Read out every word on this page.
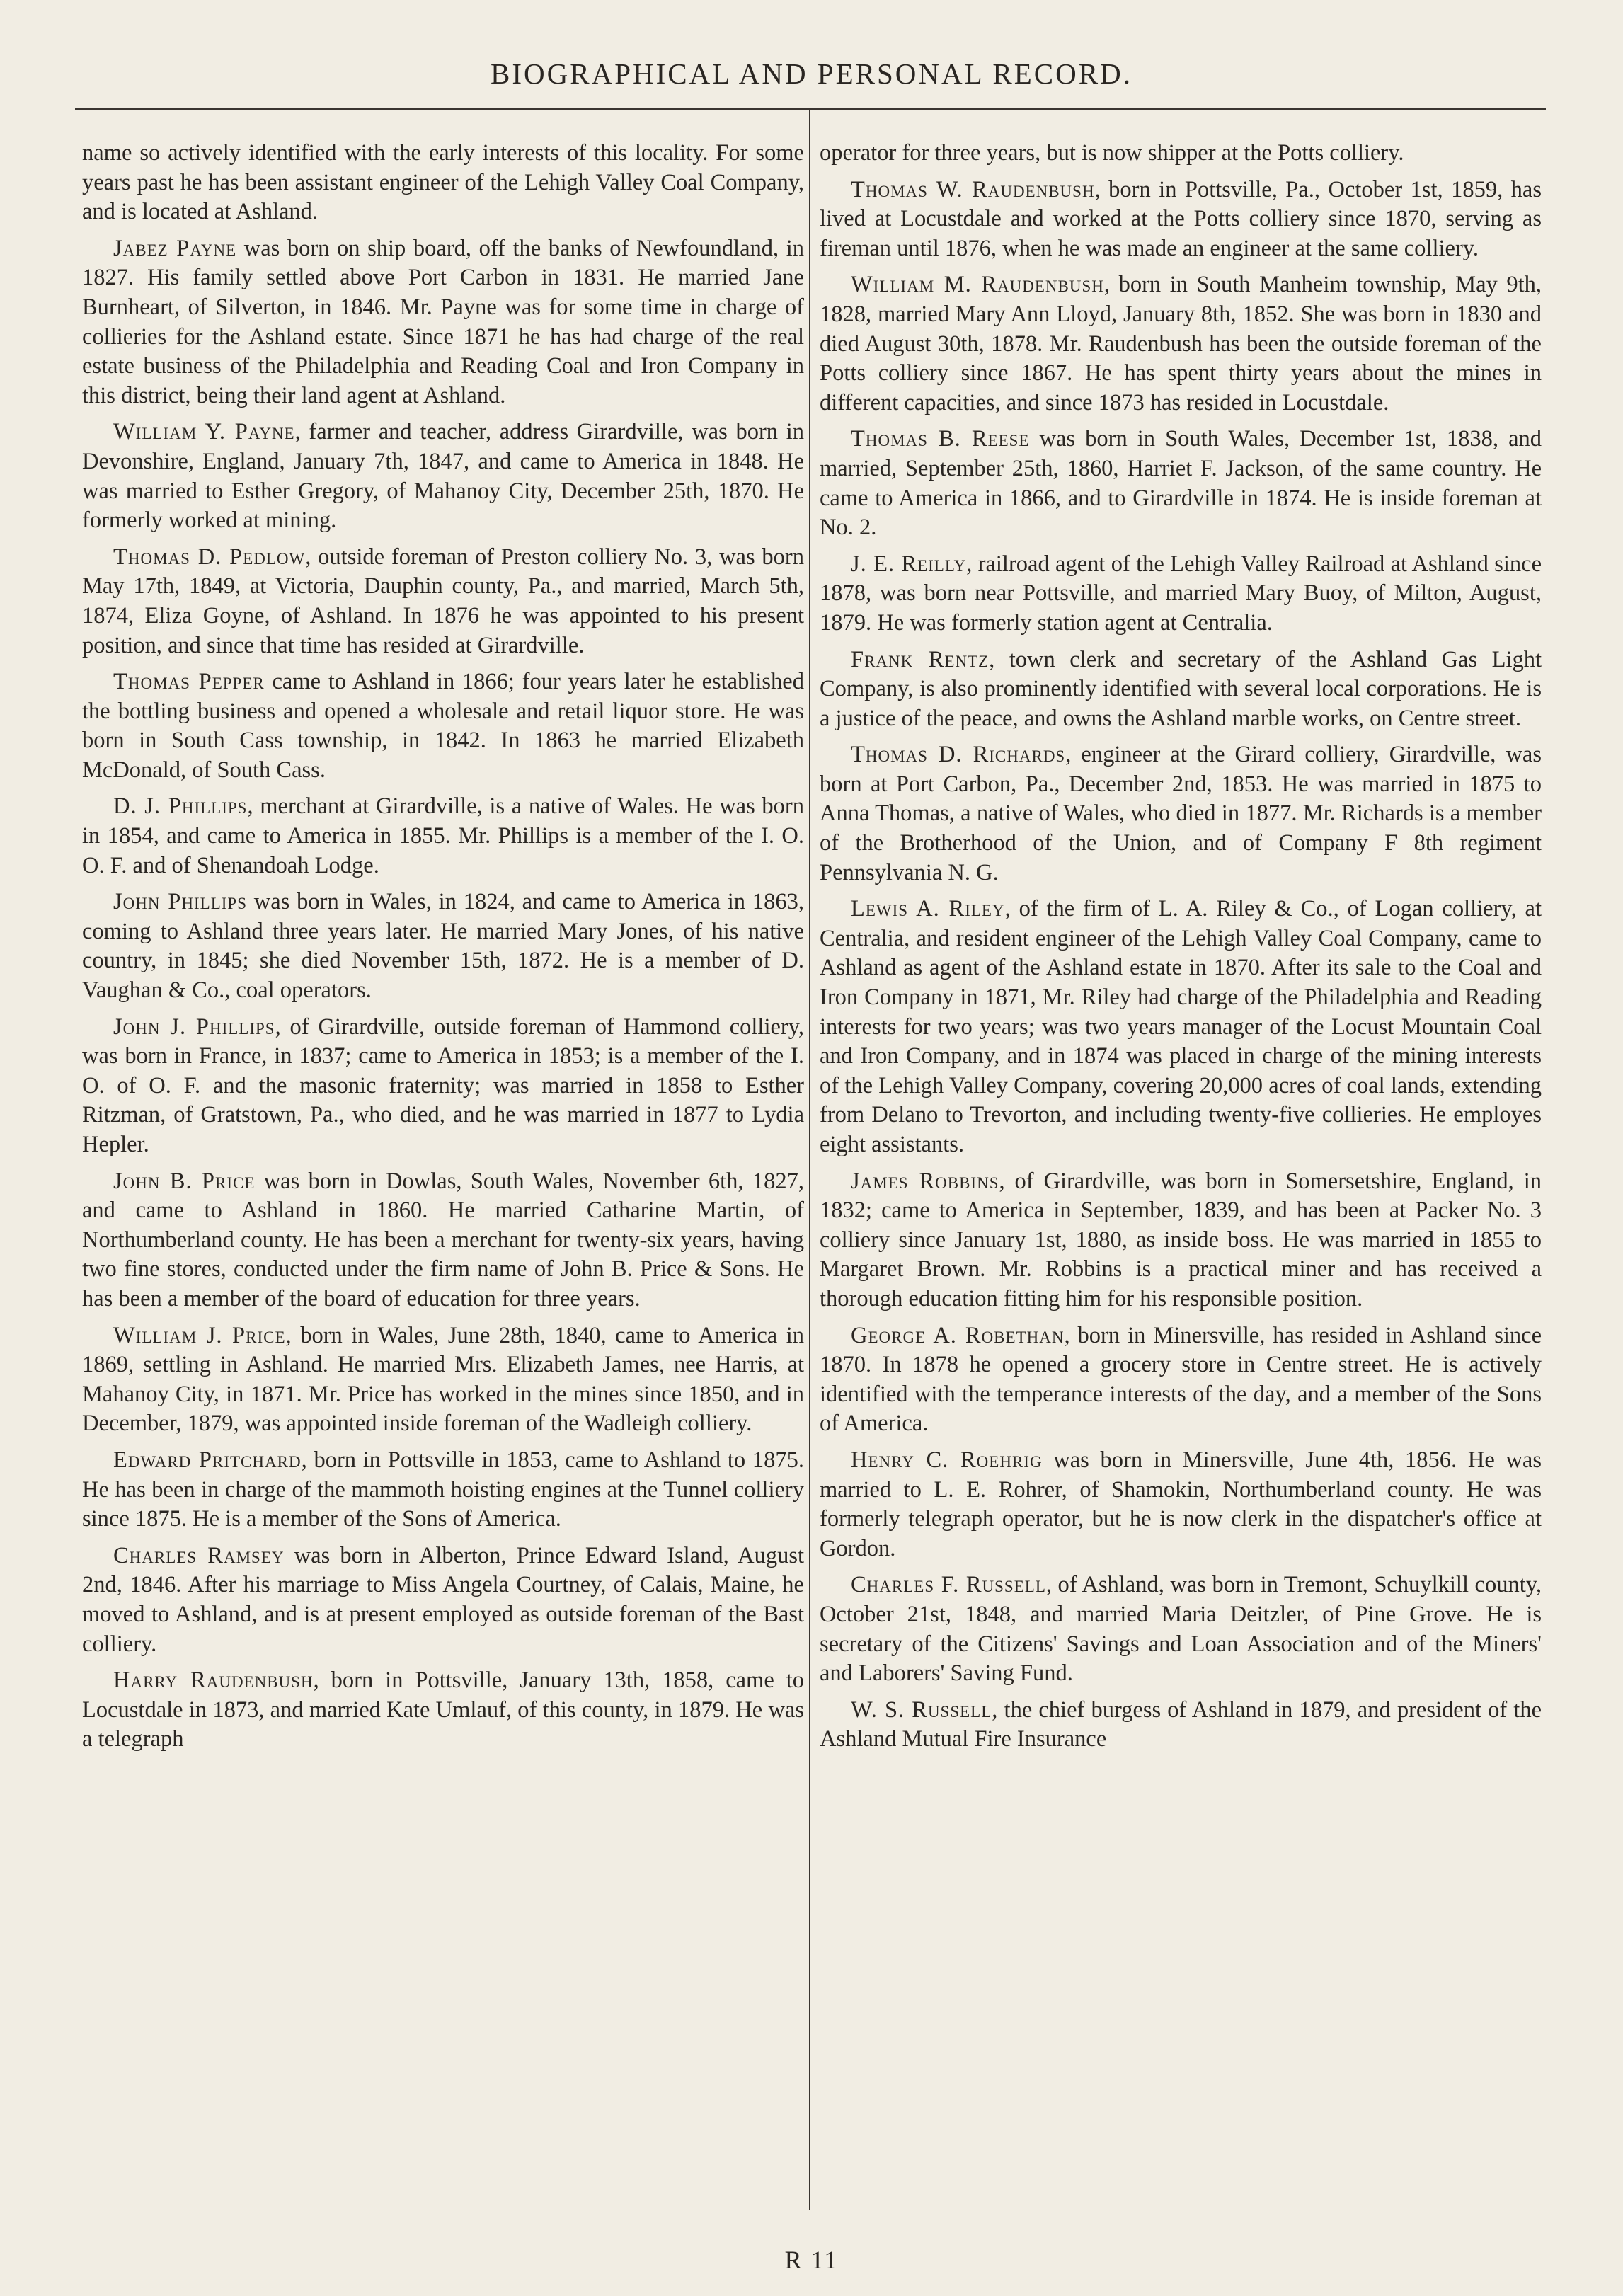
BIOGRAPHICAL AND PERSONAL RECORD.

name so actively identified with the early interests of this locality. For some years past he has been assistant engineer of the Lehigh Valley Coal Company, and is located at Ashland.

Jabez Payne was born on ship board, off the banks of Newfoundland, in 1827. His family settled above Port Carbon in 1831. He married Jane Burnheart, of Silverton, in 1846. Mr. Payne was for some time in charge of collieries for the Ashland estate. Since 1871 he has had charge of the real estate business of the Philadelphia and Reading Coal and Iron Company in this district, being their land agent at Ashland.

William Y. Payne, farmer and teacher, address Girardville, was born in Devonshire, England, January 7th, 1847, and came to America in 1848. He was married to Esther Gregory, of Mahanoy City, December 25th, 1870. He formerly worked at mining.

Thomas D. Pedlow, outside foreman of Preston colliery No. 3, was born May 17th, 1849, at Victoria, Dauphin county, Pa., and married, March 5th, 1874, Eliza Goyne, of Ashland. In 1876 he was appointed to his present position, and since that time has resided at Girardville.

Thomas Pepper came to Ashland in 1866; four years later he established the bottling business and opened a wholesale and retail liquor store. He was born in South Cass township, in 1842. In 1863 he married Elizabeth McDonald, of South Cass.

D. J. Phillips, merchant at Girardville, is a native of Wales. He was born in 1854, and came to America in 1855. Mr. Phillips is a member of the I. O. O. F. and of Shenandoah Lodge.

John Phillips was born in Wales, in 1824, and came to America in 1863, coming to Ashland three years later. He married Mary Jones, of his native country, in 1845; she died November 15th, 1872. He is a member of D. Vaughan & Co., coal operators.

John J. Phillips, of Girardville, outside foreman of Hammond colliery, was born in France, in 1837; came to America in 1853; is a member of the I. O. of O. F. and the masonic fraternity; was married in 1858 to Esther Ritzman, of Gratstown, Pa., who died, and he was married in 1877 to Lydia Hepler.

John B. Price was born in Dowlas, South Wales, November 6th, 1827, and came to Ashland in 1860. He married Catharine Martin, of Northumberland county. He has been a merchant for twenty-six years, having two fine stores, conducted under the firm name of John B. Price & Sons. He has been a member of the board of education for three years.

William J. Price, born in Wales, June 28th, 1840, came to America in 1869, settling in Ashland. He married Mrs. Elizabeth James, nee Harris, at Mahanoy City, in 1871. Mr. Price has worked in the mines since 1850, and in December, 1879, was appointed inside foreman of the Wadleigh colliery.

Edward Pritchard, born in Pottsville in 1853, came to Ashland to 1875. He has been in charge of the mammoth hoisting engines at the Tunnel colliery since 1875. He is a member of the Sons of America.

Charles Ramsey was born in Alberton, Prince Edward Island, August 2nd, 1846. After his marriage to Miss Angela Courtney, of Calais, Maine, he moved to Ashland, and is at present employed as outside foreman of the Bast colliery.

Harry Raudenbush, born in Pottsville, January 13th, 1858, came to Locustdale in 1873, and married Kate Umlauf, of this county, in 1879. He was a telegraph

operator for three years, but is now shipper at the Potts colliery.

Thomas W. Raudenbush, born in Pottsville, Pa., October 1st, 1859, has lived at Locustdale and worked at the Potts colliery since 1870, serving as fireman until 1876, when he was made an engineer at the same colliery.

William M. Raudenbush, born in South Manheim township, May 9th, 1828, married Mary Ann Lloyd, January 8th, 1852. She was born in 1830 and died August 30th, 1878. Mr. Raudenbush has been the outside foreman of the Potts colliery since 1867. He has spent thirty years about the mines in different capacities, and since 1873 has resided in Locustdale.

Thomas B. Reese was born in South Wales, December 1st, 1838, and married, September 25th, 1860, Harriet F. Jackson, of the same country. He came to America in 1866, and to Girardville in 1874. He is inside foreman at No. 2.

J. E. Reilly, railroad agent of the Lehigh Valley Railroad at Ashland since 1878, was born near Pottsville, and married Mary Buoy, of Milton, August, 1879. He was formerly station agent at Centralia.

Frank Rentz, town clerk and secretary of the Ashland Gas Light Company, is also prominently identified with several local corporations. He is a justice of the peace, and owns the Ashland marble works, on Centre street.

Thomas D. Richards, engineer at the Girard colliery, Girardville, was born at Port Carbon, Pa., December 2nd, 1853. He was married in 1875 to Anna Thomas, a native of Wales, who died in 1877. Mr. Richards is a member of the Brotherhood of the Union, and of Company F 8th regiment Pennsylvania N. G.

Lewis A. Riley, of the firm of L. A. Riley & Co., of Logan colliery, at Centralia, and resident engineer of the Lehigh Valley Coal Company, came to Ashland as agent of the Ashland estate in 1870. After its sale to the Coal and Iron Company in 1871, Mr. Riley had charge of the Philadelphia and Reading interests for two years; was two years manager of the Locust Mountain Coal and Iron Company, and in 1874 was placed in charge of the mining interests of the Lehigh Valley Company, covering 20,000 acres of coal lands, extending from Delano to Trevorton, and including twenty-five collieries. He employes eight assistants.

James Robbins, of Girardville, was born in Somersetshire, England, in 1832; came to America in September, 1839, and has been at Packer No. 3 colliery since January 1st, 1880, as inside boss. He was married in 1855 to Margaret Brown. Mr. Robbins is a practical miner and has received a thorough education fitting him for his responsible position.

George A. Robethan, born in Minersville, has resided in Ashland since 1870. In 1878 he opened a grocery store in Centre street. He is actively identified with the temperance interests of the day, and a member of the Sons of America.

Henry C. Roehrig was born in Minersville, June 4th, 1856. He was married to L. E. Rohrer, of Shamokin, Northumberland county. He was formerly telegraph operator, but he is now clerk in the dispatcher's office at Gordon.

Charles F. Russell, of Ashland, was born in Tremont, Schuylkill county, October 21st, 1848, and married Maria Deitzler, of Pine Grove. He is secretary of the Citizens' Savings and Loan Association and of the Miners' and Laborers' Saving Fund.

W. S. Russell, the chief burgess of Ashland in 1879, and president of the Ashland Mutual Fire Insurance

R 11
